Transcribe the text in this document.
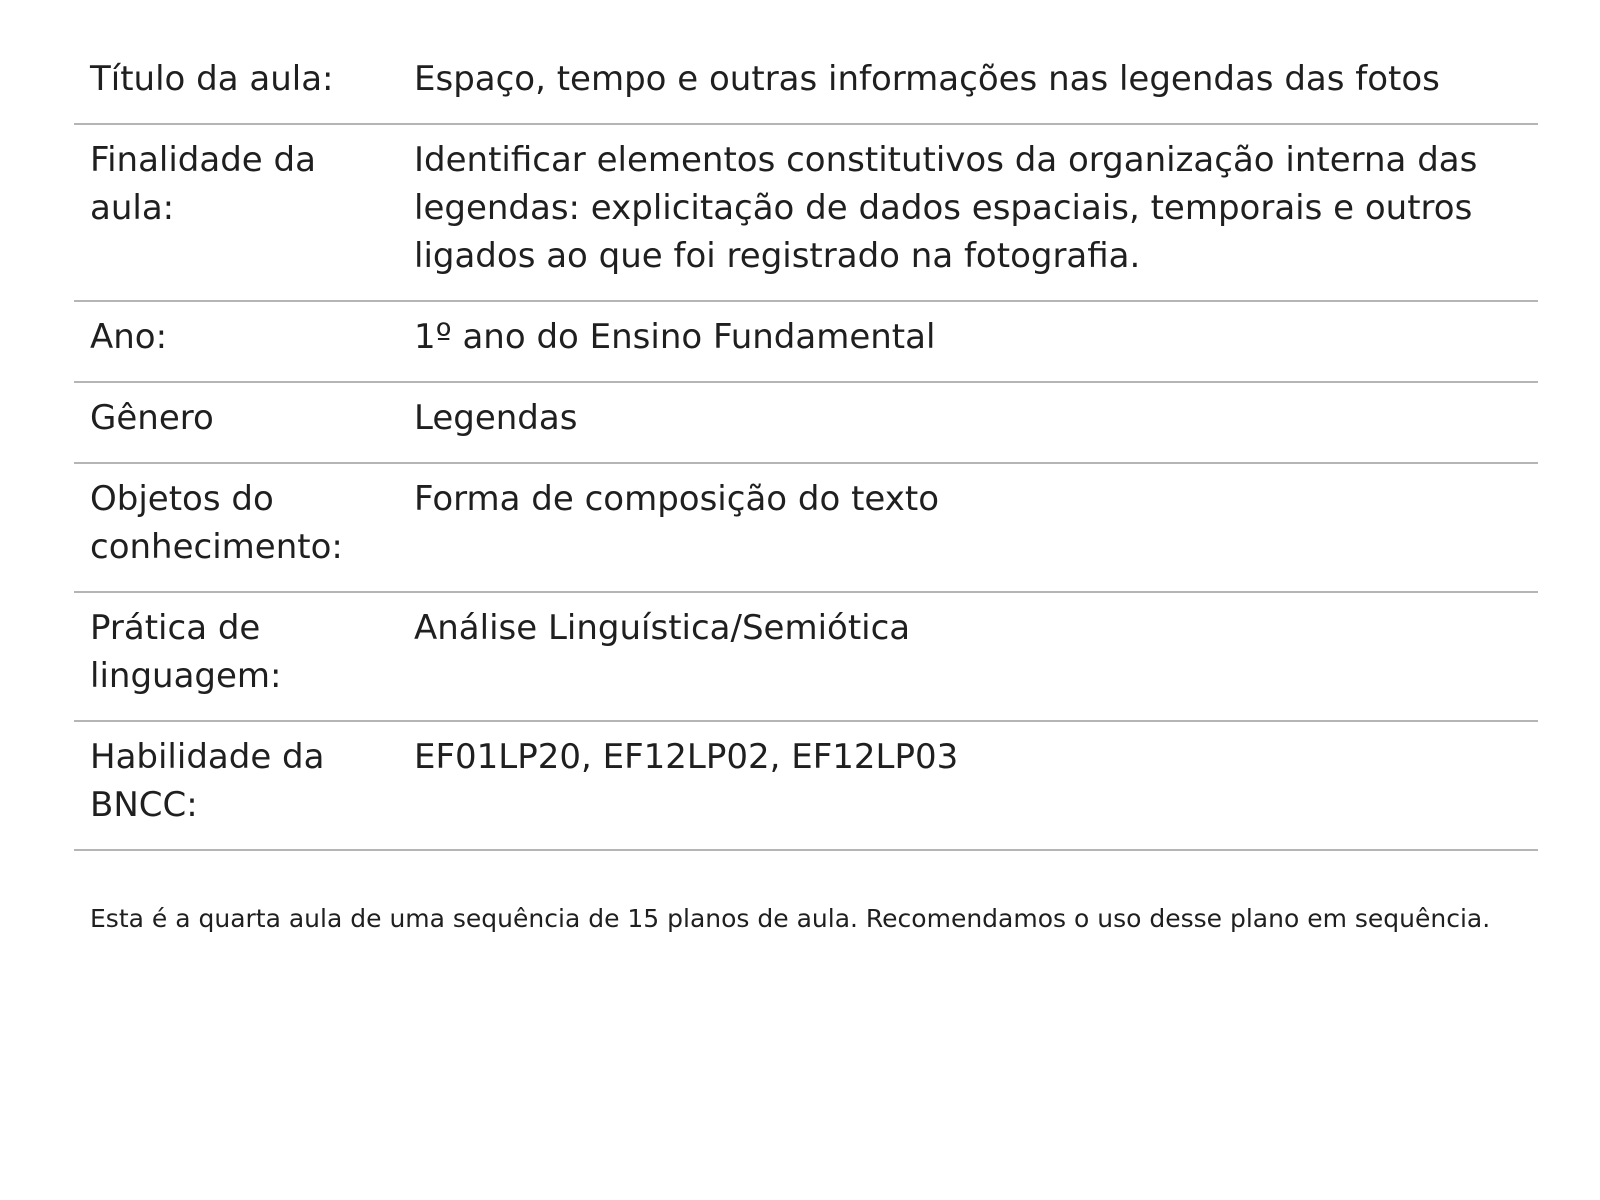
Título da aula:	Espaço, tempo e outras informações nas legendas das fotos
Finalidade da aula:	Identificar elementos constitutivos da organização interna das legendas: explicitação de dados espaciais, temporais e outros ligados ao que foi registrado na fotografia.
Ano:	1º ano do Ensino Fundamental
Gênero	Legendas
Objetos do conhecimento:	Forma de composição do texto
Prática de linguagem:	Análise Linguística/Semiótica
Habilidade da BNCC:	EF01LP20, EF12LP02, EF12LP03
Esta é a quarta aula de uma sequência de 15 planos de aula. Recomendamos o uso desse plano em sequência.
